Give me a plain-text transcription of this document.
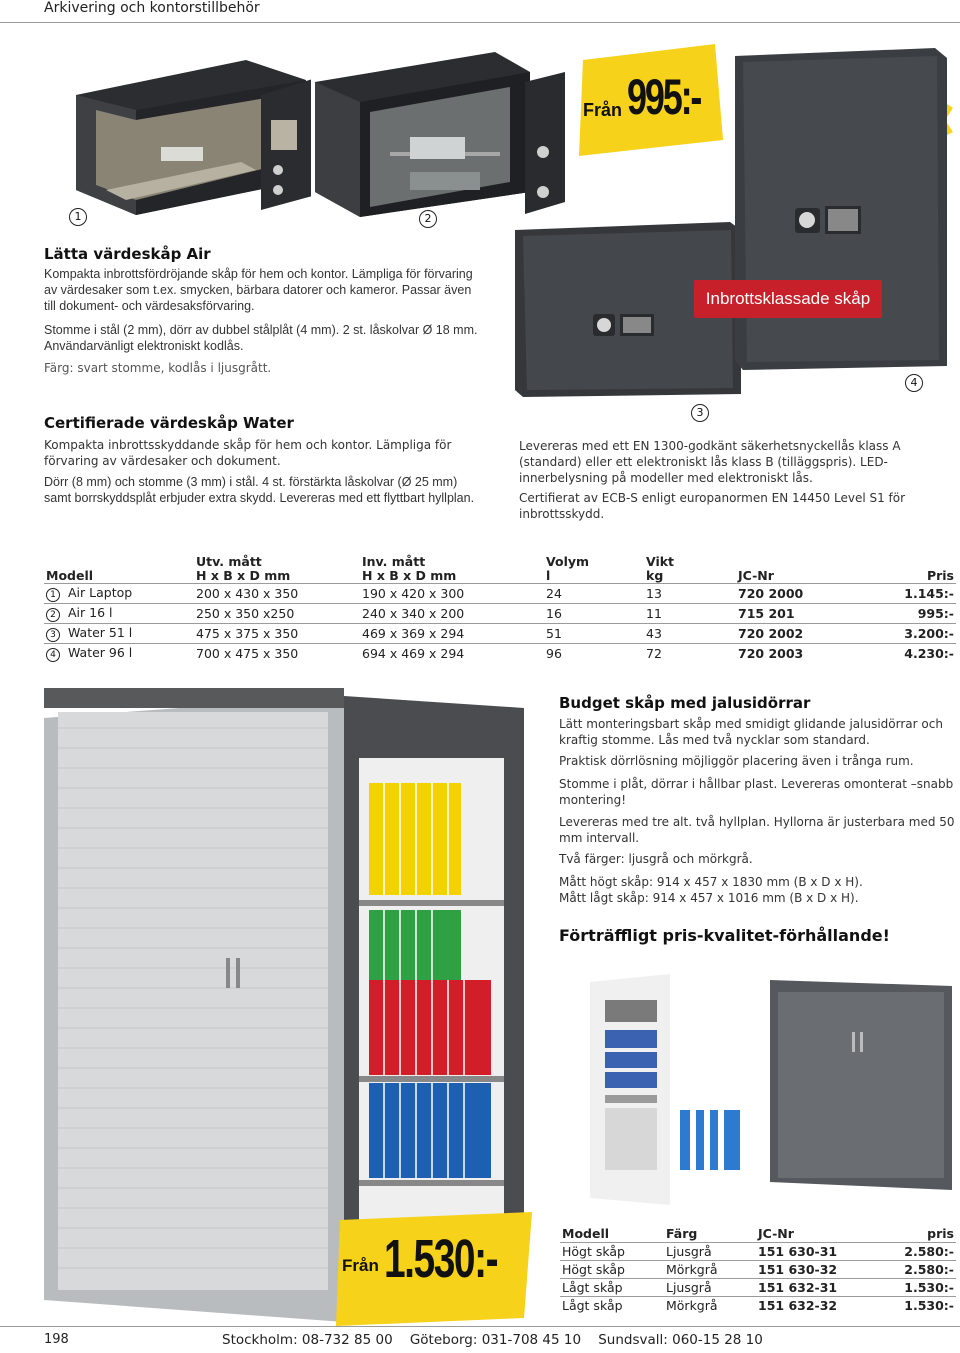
Arkivering och kontorstillbehör
Från 995:-
1	2
Lätta värdeskåp Air
Kompakta inbrottsfördröjande skåp för hem och kontor. Lämpliga för förvaring av värdesaker som t.ex. smycken, bärbara datorer och kameror. Passar även till dokument- och värdesaksförvaring.
Stomme i stål (2 mm), dörr av dubbel stålplåt (4 mm). 2 st. låskolvar Ø 18 mm. Användarvänligt elektroniskt kodlås.
Färg: svart stomme, kodlås i ljusgrått.
Inbrottsklassade skåp
3
4
Certifierade värdeskåp Water
Kompakta inbrottsskyddande skåp för hem och kontor. Lämpliga för förvaring av värdesaker och dokument.
Dörr (8 mm) och stomme (3 mm) i stål. 4 st. förstärkta låskolvar (Ø 25 mm) samt borrskyddsplåt erbjuder extra skydd. Levereras med ett flyttbart hyllplan.
Levereras med ett EN 1300-godkänt säkerhetsnyckellås klass A (standard) eller ett elektroniskt lås klass B (tilläggspris). LED-innerbelysning på modeller med elektroniskt lås.
Certifierat av ECB-S enligt europanormen EN 14450 Level S1 för inbrottsskydd.
	Utv. mått	Inv. mått	Volym	Vikt		
Modell	H x B x D mm	H x B x D mm	l	kg	JC-Nr	Pris
1 Air Laptop	200 x 430 x 350	190 x 420 x 300	24	13	720 2000	1.145:-
2 Air 16 l	250 x 350 x250	240 x 340 x 200	16	11	715 201	995:-
3 Water 51 l	475 x 375 x 350	469 x 369 x 294	51	43	720 2002	3.200:-
4 Water 96 l	700 x 475 x 350	694 x 469 x 294	96	72	720 2003	4.230:-
Från 1.530:-
Budget skåp med jalusidörrar
Lätt monteringsbart skåp med smidigt glidande jalusidörrar och kraftig stomme. Lås med två nycklar som standard.
Praktisk dörrlösning möjliggör placering även i trånga rum.
Stomme i plåt, dörrar i hållbar plast. Levereras omonterat –snabb montering!
Levereras med tre alt. två hyllplan. Hyllorna är justerbara med 50 mm intervall.
Två färger: ljusgrå och mörkgrå.
Mått högt skåp: 914 x 457 x 1830 mm (B x D x H).
Mått lågt skåp: 914 x 457 x 1016 mm (B x D x H).
Förträffligt pris-kvalitet-förhållande!
Modell	Färg	JC-Nr	pris
Högt skåp	Ljusgrå	151 630-31	2.580:-
Högt skåp	Mörkgrå	151 630-32	2.580:-
Lågt skåp	Ljusgrå	151 632-31	1.530:-
Lågt skåp	Mörkgrå	151 632-32	1.530:-
198	Stockholm: 08-732 85 00    Göteborg: 031-708 45 10    Sundsvall: 060-15 28 10
